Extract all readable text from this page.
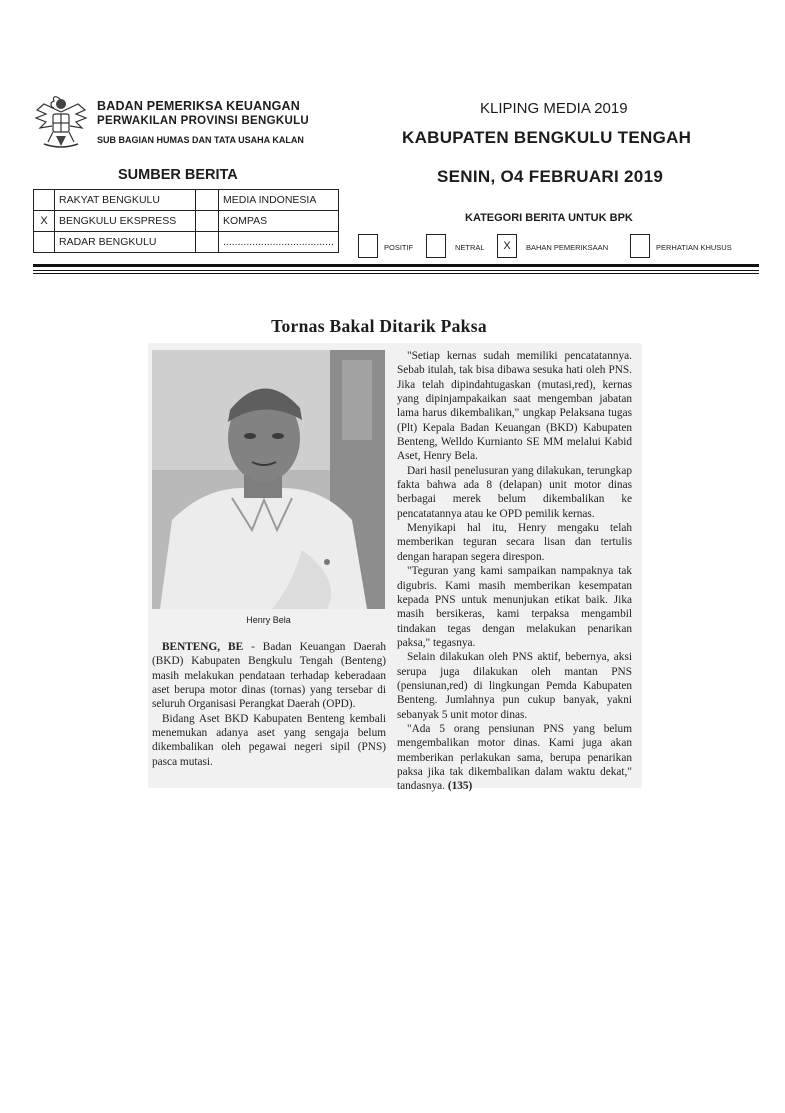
BADAN PEMERIKSA KEUANGAN
PERWAKILAN PROVINSI BENGKULU
SUB BAGIAN HUMAS DAN TATA USAHA KALAN
KLIPING MEDIA 2019
KABUPATEN BENGKULU TENGAH
SENIN, O4 FEBRUARI 2019
SUMBER BERITA
	RAKYAT BENGKULU		MEDIA INDONESIA
X	BENGKULU EKSPRESS		KOMPAS
	RADAR BENGKULU		......................................
KATEGORI BERITA UNTUK BPK
POSITIF	NETRAL	X	BAHAN PEMERIKSAAN	PERHATIAN KHUSUS
Tornas Bakal Ditarik Paksa
Henry Bela

BENTENG, BE - Badan Keuangan Daerah (BKD) Kabupaten Bengkulu Tengah (Benteng) masih melakukan pendataan terhadap keberadaan aset berupa motor dinas (tornas) yang tersebar di seluruh Organisasi Perangkat Daerah (OPD).

Bidang Aset BKD Kabupaten Benteng kembali menemukan adanya aset yang sengaja belum dikembalikan oleh pegawai negeri sipil (PNS) pasca mutasi.

"Setiap kernas sudah memiliki pencatatannya. Sebab itulah, tak bisa dibawa sesuka hati oleh PNS. Jika telah dipindahtugaskan (mutasi,red), kernas yang dipinjampakaikan saat mengemban jabatan lama harus dikembalikan," ungkap Pelaksana tugas (Plt) Kepala Badan Keuangan (BKD) Kabupaten Benteng, Welldo Kurnianto SE MM melalui Kabid Aset, Henry Bela.

Dari hasil penelusuran yang dilakukan, terungkap fakta bahwa ada 8 (delapan) unit motor dinas berbagai merek belum dikembalikan ke pencatatannya atau ke OPD pemilik kernas.

Menyikapi hal itu, Henry mengaku telah memberikan teguran secara lisan dan tertulis dengan harapan segera direspon.

"Teguran yang kami sampaikan nampaknya tak digubris. Kami masih memberikan kesempatan kepada PNS untuk menunjukan etikat baik. Jika masih bersikeras, kami terpaksa mengambil tindakan tegas dengan melakukan penarikan paksa," tegasnya.

Selain dilakukan oleh PNS aktif, bebernya, aksi serupa juga dilakukan oleh mantan PNS (pensiunan,red) di lingkungan Pemda Kabupaten Benteng. Jumlahnya pun cukup banyak, yakni sebanyak 5 unit motor dinas.

"Ada 5 orang pensiunan PNS yang belum mengembalikan motor dinas. Kami juga akan memberikan perlakukan sama, berupa penarikan paksa jika tak dikembalikan dalam waktu dekat," tandasnya. (135)
